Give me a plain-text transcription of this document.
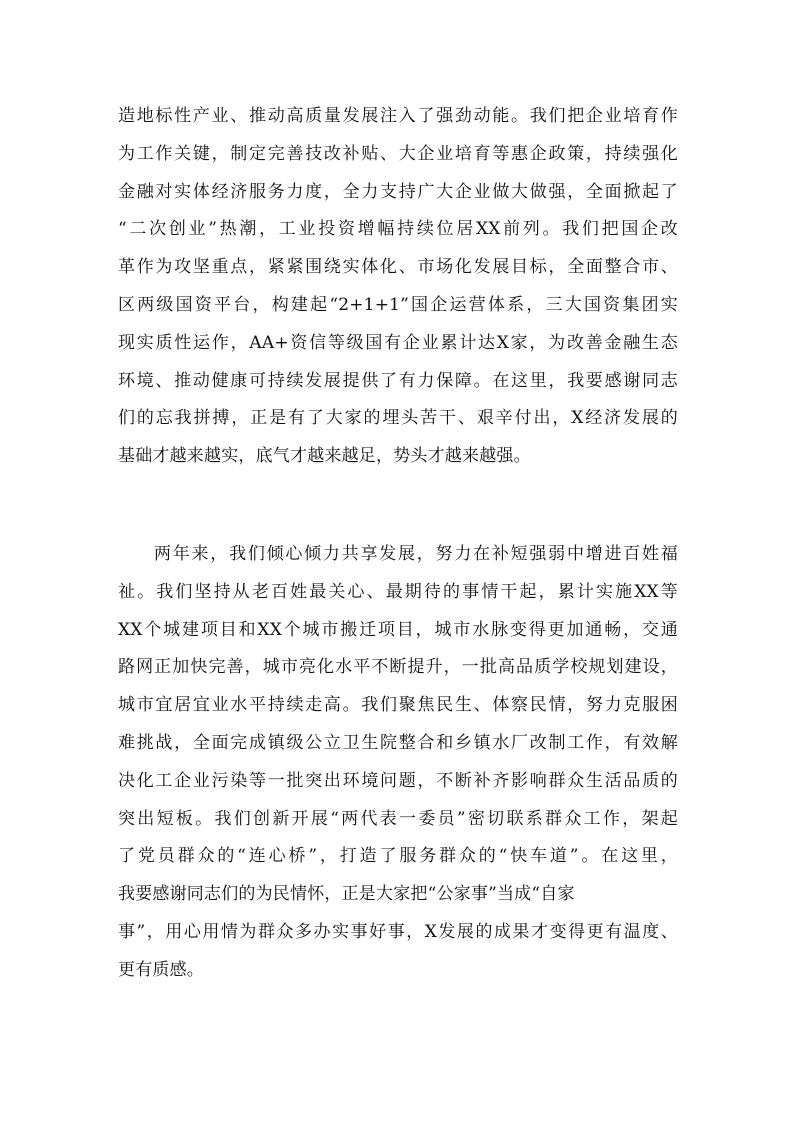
造地标性产业、推动高质量发展注入了强劲动能。我们把企业培育作
为工作关键，制定完善技改补贴、大企业培育等惠企政策，持续强化
金融对实体经济服务力度，全力支持广大企业做大做强，全面掀起了
“二次创业”热潮，工业投资增幅持续位居XX前列。我们把国企改
革作为攻坚重点，紧紧围绕实体化、市场化发展目标，全面整合市、
区两级国资平台，构建起“2+1+1”国企运营体系，三大国资集团实
现实质性运作，AA+资信等级国有企业累计达X家，为改善金融生态
环境、推动健康可持续发展提供了有力保障。在这里，我要感谢同志
们的忘我拼搏，正是有了大家的埋头苦干、艰辛付出，X经济发展的
基础才越来越实，底气才越来越足，势头才越来越强。
两年来，我们倾心倾力共享发展，努力在补短强弱中增进百姓福
祉。我们坚持从老百姓最关心、最期待的事情干起，累计实施XX等
XX个城建项目和XX个城市搬迁项目，城市水脉变得更加通畅，交通
路网正加快完善，城市亮化水平不断提升，一批高品质学校规划建设，
城市宜居宜业水平持续走高。我们聚焦民生、体察民情，努力克服困
难挑战，全面完成镇级公立卫生院整合和乡镇水厂改制工作，有效解
决化工企业污染等一批突出环境问题，不断补齐影响群众生活品质的
突出短板。我们创新开展“两代表一委员”密切联系群众工作，架起
了党员群众的“连心桥”，打造了服务群众的“快车道”。在这里，
我要感谢同志们的为民情怀，正是大家把“公家事”当成“自家
事”，用心用情为群众多办实事好事，X发展的成果才变得更有温度、
更有质感。
